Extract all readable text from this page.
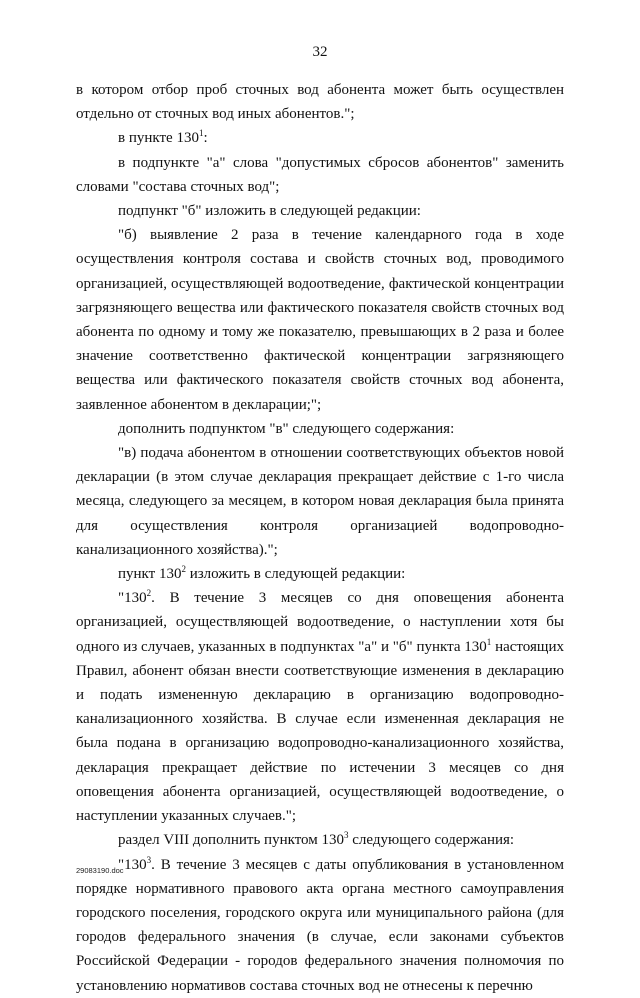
32

в котором отбор проб сточных вод абонента может быть осуществлен отдельно от сточных вод иных абонентов.";

в пункте $130^1$:

в подпункте "а" слова "допустимых сбросов абонентов" заменить словами "состава сточных вод";

подпункт "б" изложить в следующей редакции:

"б) выявление 2 раза в течение календарного года в ходе осуществления контроля состава и свойств сточных вод, проводимого организацией, осуществляющей водоотведение, фактической концентрации загрязняющего вещества или фактического показателя свойств сточных вод абонента по одному и тому же показателю, превышающих в 2 раза и более значение соответственно фактической концентрации загрязняющего вещества или фактического показателя свойств сточных вод абонента, заявленное абонентом в декларации;";

дополнить подпунктом "в" следующего содержания:

"в) подача абонентом в отношении соответствующих объектов новой декларации (в этом случае декларация прекращает действие с 1-го числа месяца, следующего за месяцем, в котором новая декларация была принята для осуществления контроля организацией водопроводно-канализационного хозяйства).";

пункт $130^2$ изложить в следующей редакции:

"$130^2$. В течение 3 месяцев со дня оповещения абонента организацией, осуществляющей водоотведение, о наступлении хотя бы одного из случаев, указанных в подпунктах "а" и "б" пункта $130^1$ настоящих Правил, абонент обязан внести соответствующие изменения в декларацию и подать измененную декларацию в организацию водопроводно-канализационного хозяйства. В случае если измененная декларация не была подана в организацию водопроводно-канализационного хозяйства, декларация прекращает действие по истечении 3 месяцев со дня оповещения абонента организацией, осуществляющей водоотведение, о наступлении указанных случаев.";

раздел VIII дополнить пунктом $130^3$ следующего содержания:

"$130^3$. В течение 3 месяцев с даты опубликования в установленном порядке нормативного правового акта органа местного самоуправления городского поселения, городского округа или муниципального района (для городов федерального значения (в случае, если законами субъектов Российской Федерации - городов федерального значения полномочия по установлению нормативов состава сточных вод не отнесены к перечню

29083190.doc
